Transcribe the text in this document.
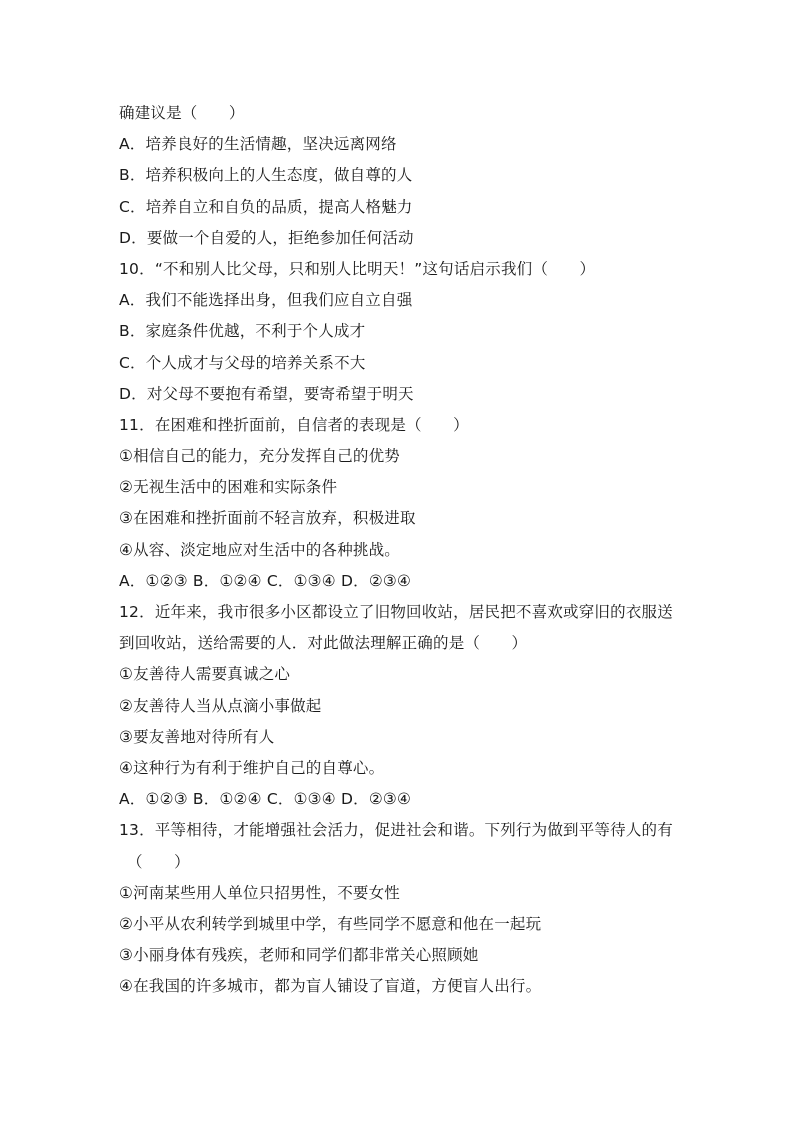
确建议是（　　）
A．培养良好的生活情趣，坚决远离网络
B．培养积极向上的人生态度，做自尊的人
C．培养自立和自负的品质，提高人格魅力
D．要做一个自爱的人，拒绝参加任何活动
10．“不和别人比父母，只和别人比明天！”这句话启示我们（　　）
A．我们不能选择出身，但我们应自立自强
B．家庭条件优越，不利于个人成才
C．个人成才与父母的培养关系不大
D．对父母不要抱有希望，要寄希望于明天
11．在困难和挫折面前，自信者的表现是（　　）
①相信自己的能力，充分发挥自己的优势
②无视生活中的困难和实际条件
③在困难和挫折面前不轻言放弃，积极进取
④从容、淡定地应对生活中的各种挑战。
A．①②③ B．①②④ C．①③④ D．②③④
12．近年来，我市很多小区都设立了旧物回收站，居民把不喜欢或穿旧的衣服送
到回收站，送给需要的人．对此做法理解正确的是（　　）
①友善待人需要真诚之心
②友善待人当从点滴小事做起
③要友善地对待所有人
④这种行为有利于维护自己的自尊心。
A．①②③ B．①②④ C．①③④ D．②③④
13．平等相待，才能增强社会活力，促进社会和谐。下列行为做到平等待人的有
（　　）
①河南某些用人单位只招男性，不要女性
②小平从农利转学到城里中学，有些同学不愿意和他在一起玩
③小丽身体有残疾，老师和同学们都非常关心照顾她
④在我国的许多城市，都为盲人铺设了盲道，方便盲人出行。
